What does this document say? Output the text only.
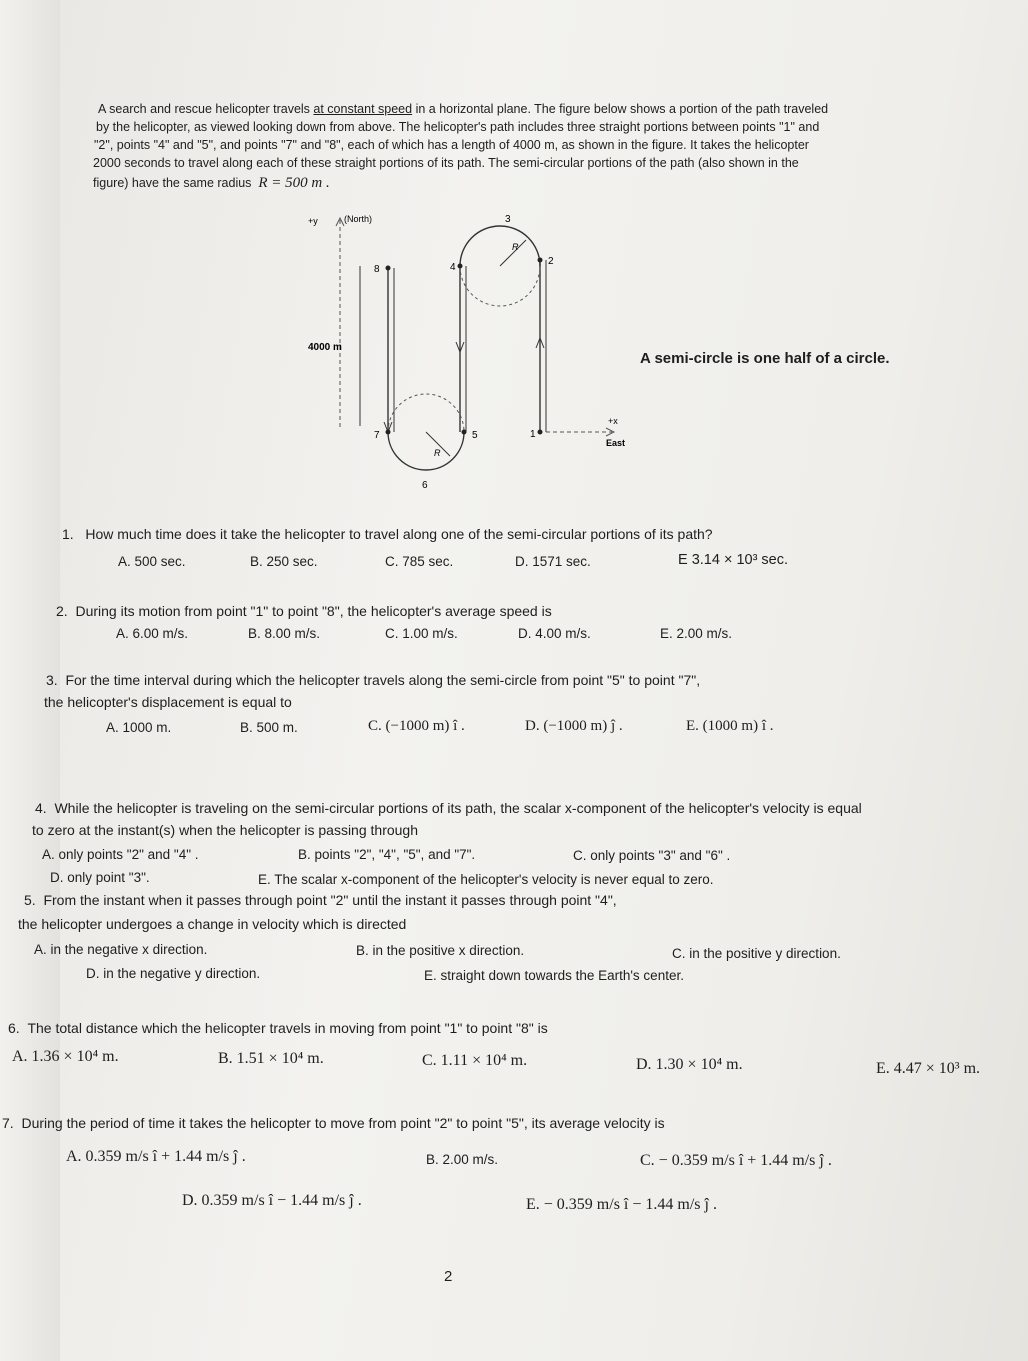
A search and rescue helicopter travels at constant speed in a horizontal plane. The figure below shows a portion of the path traveled
by the helicopter, as viewed looking down from above. The helicopter's path includes three straight portions between points "1" and
"2", points "4" and "5", and points "7" and "8", each of which has a length of 4000 m, as shown in the figure. It takes the helicopter
2000 seconds to travel along each of these straight portions of its path. The semi-circular portions of the path (also shown in the
figure) have the same radius R = 500 m .
+y	(North)
4000 m
R
R
1
2
3
4
5
6
7
8
+x
East
A semi-circle is one half of a circle.
1. How much time does it take the helicopter to travel along one of the semi-circular portions of its path?
A. 500 sec.	B. 250 sec.	C. 785 sec.	D. 1571 sec.	E 3.14 × 10³ sec.
2. During its motion from point "1" to point "8", the helicopter's average speed is
A. 6.00 m/s.	B. 8.00 m/s.	C. 1.00 m/s.	D. 4.00 m/s.	E. 2.00 m/s.
3. For the time interval during which the helicopter travels along the semi-circle from point "5" to point "7",
the helicopter's displacement is equal to
A. 1000 m.	B. 500 m.	C. (−1000 m) î .	D. (−1000 m) ĵ .	E. (1000 m) î .
4. While the helicopter is traveling on the semi-circular portions of its path, the scalar x-component of the helicopter's velocity is equal
to zero at the instant(s) when the helicopter is passing through
A. only points "2" and "4" .	B. points "2", "4", "5", and "7".	C. only points "3" and "6" .
D. only point "3".	E. The scalar x-component of the helicopter's velocity is never equal to zero.
5. From the instant when it passes through point "2" until the instant it passes through point "4",
the helicopter undergoes a change in velocity which is directed
A. in the negative x direction.	B. in the positive x direction.	C. in the positive y direction.
D. in the negative y direction.	E. straight down towards the Earth's center.
6. The total distance which the helicopter travels in moving from point "1" to point "8" is
A. 1.36 × 10⁴ m.	B. 1.51 × 10⁴ m.	C. 1.11 × 10⁴ m.	D. 1.30 × 10⁴ m.	E. 4.47 × 10³ m.
7. During the period of time it takes the helicopter to move from point "2" to point "5", its average velocity is
A. 0.359 m/s î + 1.44 m/s ĵ .	B. 2.00 m/s.	C. − 0.359 m/s î + 1.44 m/s ĵ .
D. 0.359 m/s î − 1.44 m/s ĵ .	E. − 0.359 m/s î − 1.44 m/s ĵ .
2
